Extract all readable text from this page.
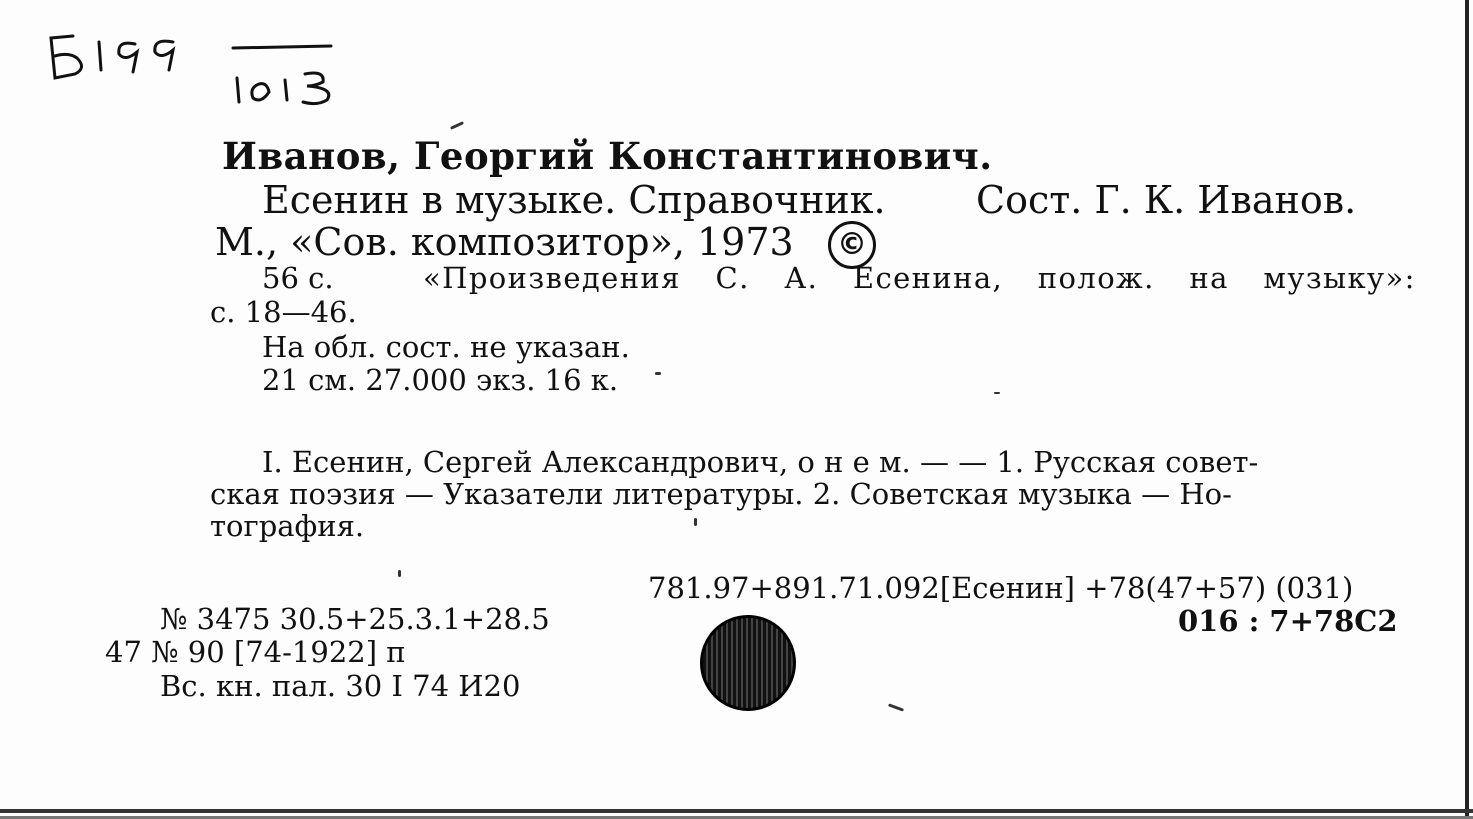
Иванов, Георгий Константинович.
Есенин в музыке. Справочник. Сост. Г. К. Иванов.
М., «Сов. композитор», 1973	©
56 с.	«Произведения С. А. Есенина, полож. на музыку»:
с. 18—46.
На обл. сост. не указан.
21 см. 27.000 экз. 16 к.
I. Есенин, Сергей Александрович, о н е м. — — 1. Русская совет-
ская поэзия — Указатели литературы. 2. Советская музыка — Но-
тография.
781.97+891.71.092[Есенин] +78(47+57) (031)
016 : 7+78С2
№ 3475 30.5+25.3.1+28.5
47 № 90 [74-1922] п
Вс. кн. пал. 30 I 74 И20
